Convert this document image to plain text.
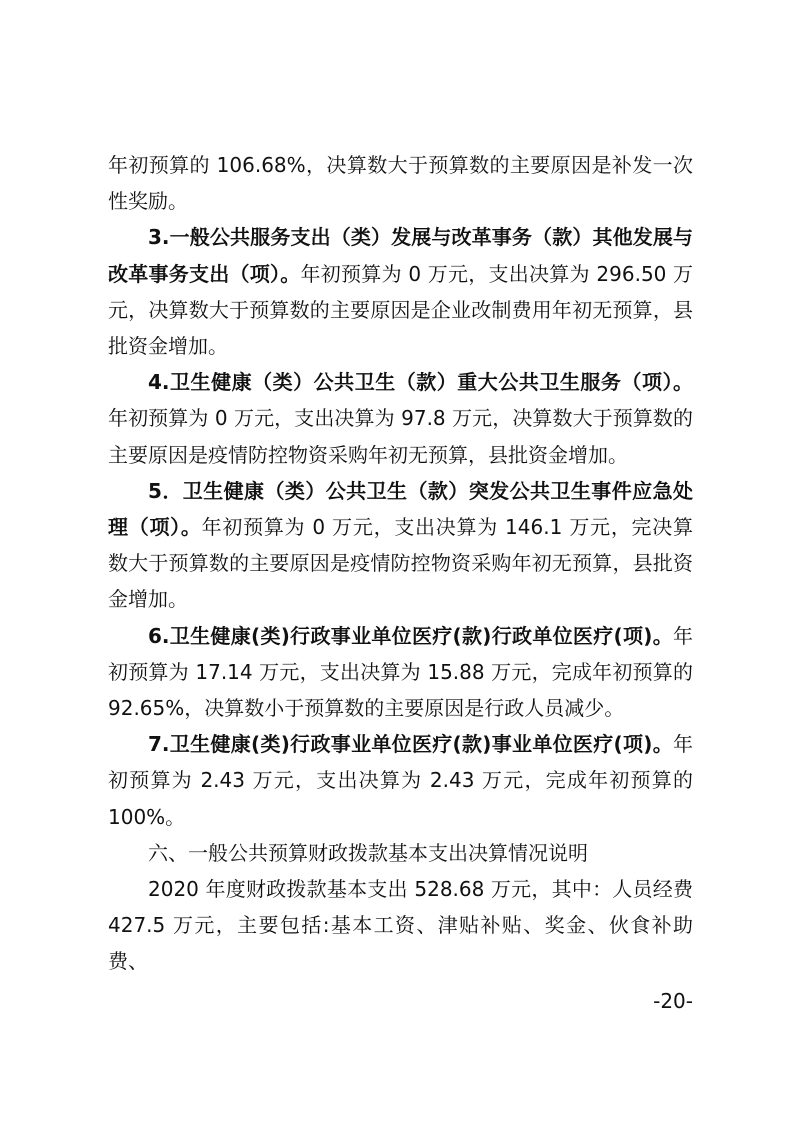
年初预算的 106.68%，决算数大于预算数的主要原因是补发一次性奖励。

3.一般公共服务支出（类）发展与改革事务（款）其他发展与改革事务支出（项）。年初预算为 0 万元，支出决算为 296.50 万元，决算数大于预算数的主要原因是企业改制费用年初无预算，县批资金增加。

4.卫生健康（类）公共卫生（款）重大公共卫生服务（项）。年初预算为 0 万元，支出决算为 97.8 万元，决算数大于预算数的主要原因是疫情防控物资采购年初无预算，县批资金增加。

5．卫生健康（类）公共卫生（款）突发公共卫生事件应急处理（项）。年初预算为 0 万元，支出决算为 146.1 万元，完决算数大于预算数的主要原因是疫情防控物资采购年初无预算，县批资金增加。

6.卫生健康(类)行政事业单位医疗(款)行政单位医疗(项)。年初预算为 17.14 万元，支出决算为 15.88 万元，完成年初预算的 92.65%，决算数小于预算数的主要原因是行政人员减少。

7.卫生健康(类)行政事业单位医疗(款)事业单位医疗(项)。年初预算为 2.43 万元，支出决算为 2.43 万元，完成年初预算的 100%。

六、一般公共预算财政拨款基本支出决算情况说明

2020 年度财政拨款基本支出 528.68 万元，其中：人员经费 427.5 万元，主要包括:基本工资、津贴补贴、奖金、伙食补助费、

-20-
